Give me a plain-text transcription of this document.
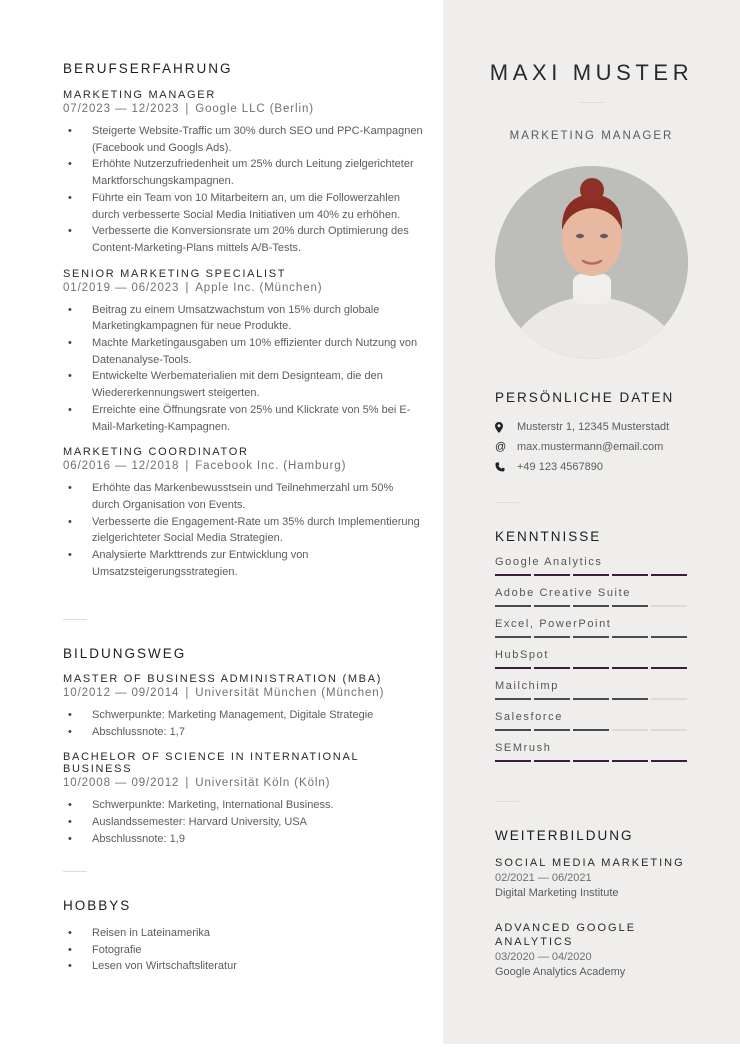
BERUFSERFAHRUNG
MARKETING MANAGER
07/2023 — 12/2023 | Google LLC (Berlin)
• Steigerte Website-Traffic um 30% durch SEO und PPC-Kampagnen (Facebook und Googls Ads).
• Erhöhte Nutzerzufriedenheit um 25% durch Leitung zielgerichteter Marktforschungskampagnen.
• Führte ein Team von 10 Mitarbeitern an, um die Followerzahlen durch verbesserte Social Media Initiativen um 40% zu erhöhen.
• Verbesserte die Konversionsrate um 20% durch Optimierung des Content-Marketing-Plans mittels A/B-Tests.
SENIOR MARKETING SPECIALIST
01/2019 — 06/2023 | Apple Inc. (München)
• Beitrag zu einem Umsatzwachstum von 15% durch globale Marketingkampagnen für neue Produkte.
• Machte Marketingausgaben um 10% effizienter durch Nutzung von Datenanalyse-Tools.
• Entwickelte Werbematerialien mit dem Designteam, die den Wiedererkennungswert steigerten.
• Erreichte eine Öffnungsrate von 25% und Klickrate von 5% bei E-Mail-Marketing-Kampagnen.
MARKETING COORDINATOR
06/2016 — 12/2018 | Facebook Inc. (Hamburg)
• Erhöhte das Markenbewusstsein und Teilnehmerzahl um 50% durch Organisation von Events.
• Verbesserte die Engagement-Rate um 35% durch Implementierung zielgerichteter Social Media Strategien.
• Analysierte Markttrends zur Entwicklung von Umsatzsteigerungsstrategien.
BILDUNGSWEG
MASTER OF BUSINESS ADMINISTRATION (MBA)
10/2012 — 09/2014 | Universität München (München)
• Schwerpunkte: Marketing Management, Digitale Strategie
• Abschlussnote: 1,7
BACHELOR OF SCIENCE IN INTERNATIONAL BUSINESS
10/2008 — 09/2012 | Universität Köln (Köln)
• Schwerpunkte: Marketing, International Business.
• Auslandssemester: Harvard University, USA
• Abschlussnote: 1,9
HOBBYS
• Reisen in Lateinamerika
• Fotografie
• Lesen von Wirtschaftsliteratur
MAXI MUSTER
MARKETING MANAGER
PERSÖNLICHE DATEN
Musterstr 1, 12345 Musterstadt
@ max.mustermann@email.com
+49 123 4567890
KENNTNISSE
Google Analytics
Adobe Creative Suite
Excel, PowerPoint
HubSpot
Mailchimp
Salesforce
SEMrush
WEITERBILDUNG
SOCIAL MEDIA MARKETING
02/2021 — 06/2021
Digital Marketing Institute
ADVANCED GOOGLE ANALYTICS
03/2020 — 04/2020
Google Analytics Academy
